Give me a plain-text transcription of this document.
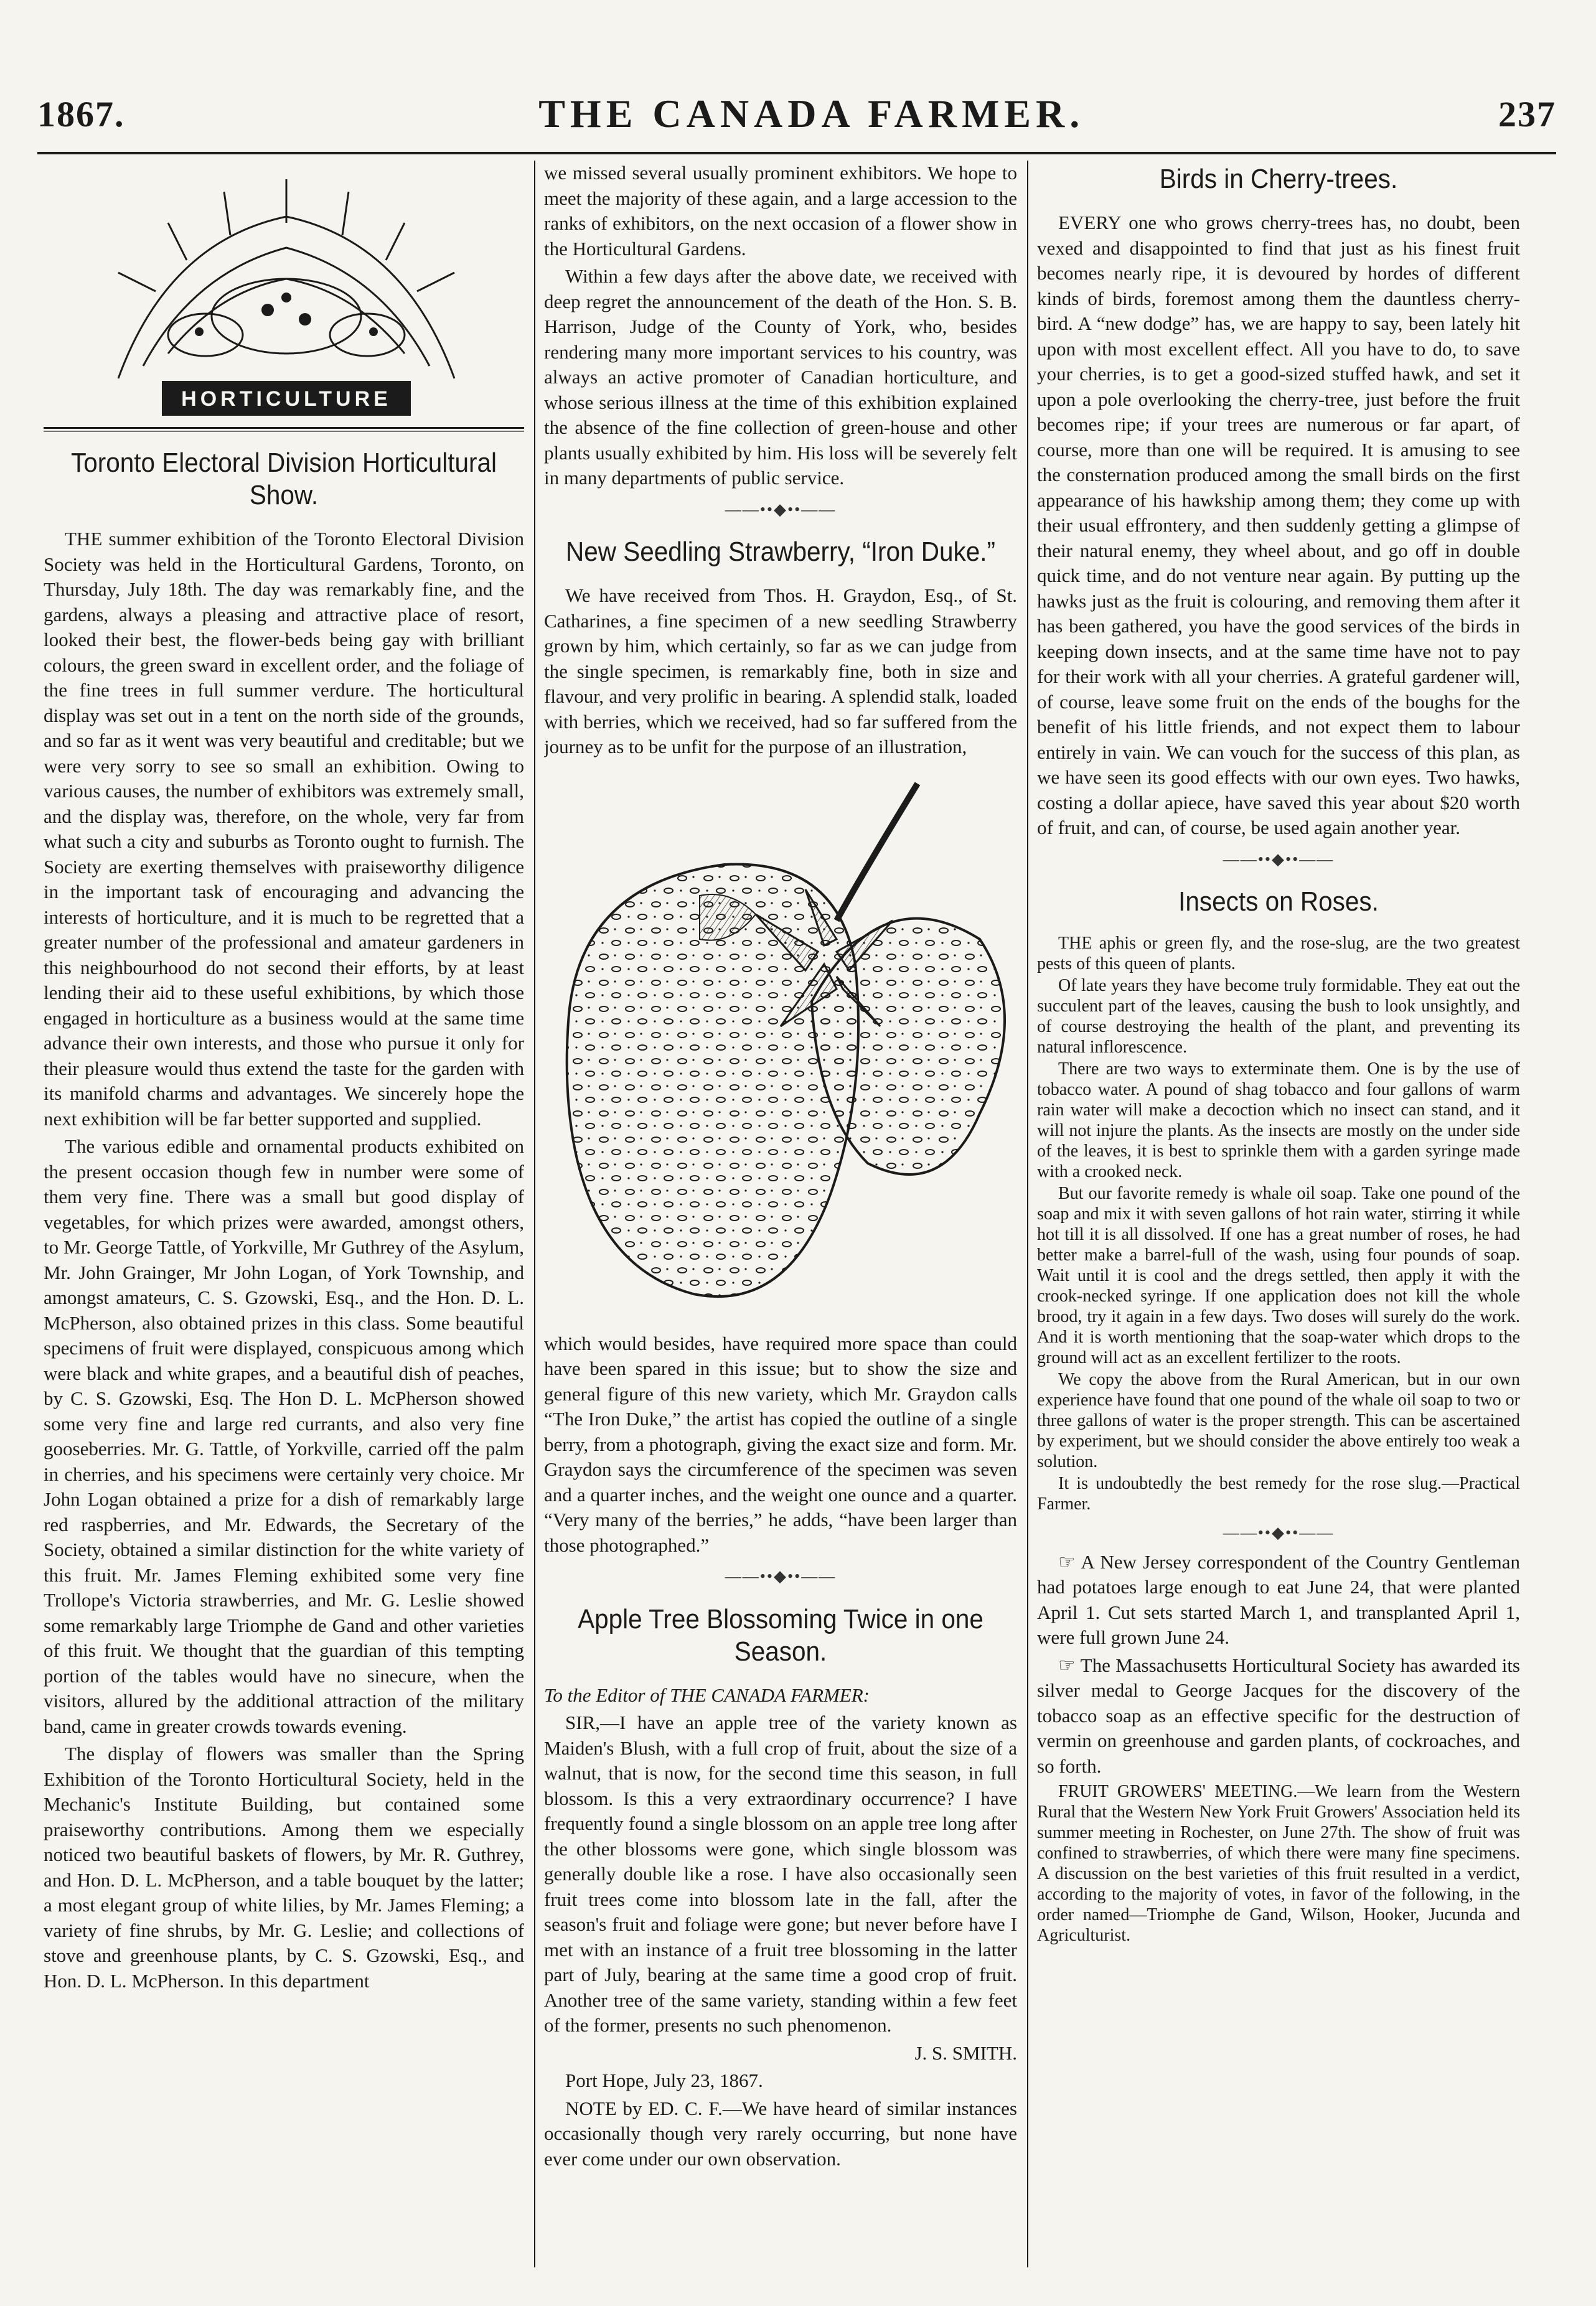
1867.	THE CANADA FARMER.	237
HORTICULTURE
Toronto Electoral Division Horticultural Show.

THE summer exhibition of the Toronto Electoral Division Society was held in the Horticultural Gardens, Toronto, on Thursday, July 18th. The day was remarkably fine, and the gardens, always a pleasing and attractive place of resort, looked their best, the flower-beds being gay with brilliant colours, the green sward in excellent order, and the foliage of the fine trees in full summer verdure. The horticultural display was set out in a tent on the north side of the grounds, and so far as it went was very beautiful and creditable; but we were very sorry to see so small an exhibition. Owing to various causes, the number of exhibitors was extremely small, and the display was, therefore, on the whole, very far from what such a city and suburbs as Toronto ought to furnish. The Society are exerting themselves with praiseworthy diligence in the important task of encouraging and advancing the interests of horticulture, and it is much to be regretted that a greater number of the professional and amateur gardeners in this neighbourhood do not second their efforts, by at least lending their aid to these useful exhibitions, by which those engaged in horticulture as a business would at the same time advance their own interests, and those who pursue it only for their pleasure would thus extend the taste for the garden with its manifold charms and advantages. We sincerely hope the next exhibition will be far better supported and supplied.

The various edible and ornamental products exhibited on the present occasion though few in number were some of them very fine. There was a small but good display of vegetables, for which prizes were awarded, amongst others, to Mr. George Tattle, of Yorkville, Mr Guthrey of the Asylum, Mr. John Grainger, Mr John Logan, of York Township, and amongst amateurs, C. S. Gzowski, Esq., and the Hon. D. L. McPherson, also obtained prizes in this class. Some beautiful specimens of fruit were displayed, conspicuous among which were black and white grapes, and a beautiful dish of peaches, by C. S. Gzowski, Esq. The Hon D. L. McPherson showed some very fine and large red currants, and also very fine gooseberries. Mr. G. Tattle, of Yorkville, carried off the palm in cherries, and his specimens were certainly very choice. Mr John Logan obtained a prize for a dish of remarkably large red raspberries, and Mr. Edwards, the Secretary of the Society, obtained a similar distinction for the white variety of this fruit. Mr. James Fleming exhibited some very fine Trollope's Victoria strawberries, and Mr. G. Leslie showed some remarkably large Triomphe de Gand and other varieties of this fruit. We thought that the guardian of this tempting portion of the tables would have no sinecure, when the visitors, allured by the additional attraction of the military band, came in greater crowds towards evening.

The display of flowers was smaller than the Spring Exhibition of the Toronto Horticultural Society, held in the Mechanic's Institute Building, but contained some praiseworthy contributions. Among them we especially noticed two beautiful baskets of flowers, by Mr. R. Guthrey, and Hon. D. L. McPherson, and a table bouquet by the latter; a most elegant group of white lilies, by Mr. James Fleming; a variety of fine shrubs, by Mr. G. Leslie; and collections of stove and greenhouse plants, by C. S. Gzowski, Esq., and Hon. D. L. McPherson. In this department

we missed several usually prominent exhibitors. We hope to meet the majority of these again, and a large accession to the ranks of exhibitors, on the next occasion of a flower show in the Horticultural Gardens.

Within a few days after the above date, we received with deep regret the announcement of the death of the Hon. S. B. Harrison, Judge of the County of York, who, besides rendering many more important services to his country, was always an active promoter of Canadian horticulture, and whose serious illness at the time of this exhibition explained the absence of the fine collection of green-house and other plants usually exhibited by him. His loss will be severely felt in many departments of public service.

——••◆••——
New Seedling Strawberry, “Iron Duke.”

We have received from Thos. H. Graydon, Esq., of St. Catharines, a fine specimen of a new seedling Strawberry grown by him, which certainly, so far as we can judge from the single specimen, is remarkably fine, both in size and flavour, and very prolific in bearing. A splendid stalk, loaded with berries, which we received, had so far suffered from the journey as to be unfit for the purpose of an illustration,

which would besides, have required more space than could have been spared in this issue; but to show the size and general figure of this new variety, which Mr. Graydon calls “The Iron Duke,” the artist has copied the outline of a single berry, from a photograph, giving the exact size and form. Mr. Graydon says the circumference of the specimen was seven and a quarter inches, and the weight one ounce and a quarter. “Very many of the berries,” he adds, “have been larger than those photographed.”

——••◆••——
Apple Tree Blossoming Twice in one Season.

To the Editor of THE CANADA FARMER:

SIR,—I have an apple tree of the variety known as Maiden's Blush, with a full crop of fruit, about the size of a walnut, that is now, for the second time this season, in full blossom. Is this a very extraordinary occurrence? I have frequently found a single blossom on an apple tree long after the other blossoms were gone, which single blossom was generally double like a rose. I have also occasionally seen fruit trees come into blossom late in the fall, after the season's fruit and foliage were gone; but never before have I met with an instance of a fruit tree blossoming in the latter part of July, bearing at the same time a good crop of fruit. Another tree of the same variety, standing within a few feet of the former, presents no such phenomenon.

J. S. SMITH.

Port Hope, July 23, 1867.

NOTE by ED. C. F.—We have heard of similar instances occasionally though very rarely occurring, but none have ever come under our own observation.

Birds in Cherry-trees.

EVERY one who grows cherry-trees has, no doubt, been vexed and disappointed to find that just as his finest fruit becomes nearly ripe, it is devoured by hordes of different kinds of birds, foremost among them the dauntless cherry-bird. A “new dodge” has, we are happy to say, been lately hit upon with most excellent effect. All you have to do, to save your cherries, is to get a good-sized stuffed hawk, and set it upon a pole overlooking the cherry-tree, just before the fruit becomes ripe; if your trees are numerous or far apart, of course, more than one will be required. It is amusing to see the consternation produced among the small birds on the first appearance of his hawkship among them; they come up with their usual effrontery, and then suddenly getting a glimpse of their natural enemy, they wheel about, and go off in double quick time, and do not venture near again. By putting up the hawks just as the fruit is colouring, and removing them after it has been gathered, you have the good services of the birds in keeping down insects, and at the same time have not to pay for their work with all your cherries. A grateful gardener will, of course, leave some fruit on the ends of the boughs for the benefit of his little friends, and not expect them to labour entirely in vain. We can vouch for the success of this plan, as we have seen its good effects with our own eyes. Two hawks, costing a dollar apiece, have saved this year about $20 worth of fruit, and can, of course, be used again another year.

——••◆••——
Insects on Roses.

THE aphis or green fly, and the rose-slug, are the two greatest pests of this queen of plants.

Of late years they have become truly formidable. They eat out the succulent part of the leaves, causing the bush to look unsightly, and of course destroying the health of the plant, and preventing its natural inflorescence.

There are two ways to exterminate them. One is by the use of tobacco water. A pound of shag tobacco and four gallons of warm rain water will make a decoction which no insect can stand, and it will not injure the plants. As the insects are mostly on the under side of the leaves, it is best to sprinkle them with a garden syringe made with a crooked neck.

But our favorite remedy is whale oil soap. Take one pound of the soap and mix it with seven gallons of hot rain water, stirring it while hot till it is all dissolved. If one has a great number of roses, he had better make a barrel-full of the wash, using four pounds of soap. Wait until it is cool and the dregs settled, then apply it with the crook-necked syringe. If one application does not kill the whole brood, try it again in a few days. Two doses will surely do the work. And it is worth mentioning that the soap-water which drops to the ground will act as an excellent fertilizer to the roots.

We copy the above from the Rural American, but in our own experience have found that one pound of the whale oil soap to two or three gallons of water is the proper strength. This can be ascertained by experiment, but we should consider the above entirely too weak a solution.

It is undoubtedly the best remedy for the rose slug.—Practical Farmer.

——••◆••——

☞ A New Jersey correspondent of the Country Gentleman had potatoes large enough to eat June 24, that were planted April 1. Cut sets started March 1, and transplanted April 1, were full grown June 24.

☞ The Massachusetts Horticultural Society has awarded its silver medal to George Jacques for the discovery of the tobacco soap as an effective specific for the destruction of vermin on greenhouse and garden plants, of cockroaches, and so forth.

FRUIT GROWERS' MEETING.—We learn from the Western Rural that the Western New York Fruit Growers' Association held its summer meeting in Rochester, on June 27th. The show of fruit was confined to strawberries, of which there were many fine specimens. A discussion on the best varieties of this fruit resulted in a verdict, according to the majority of votes, in favor of the following, in the order named—Triomphe de Gand, Wilson, Hooker, Jucunda and Agriculturist.
